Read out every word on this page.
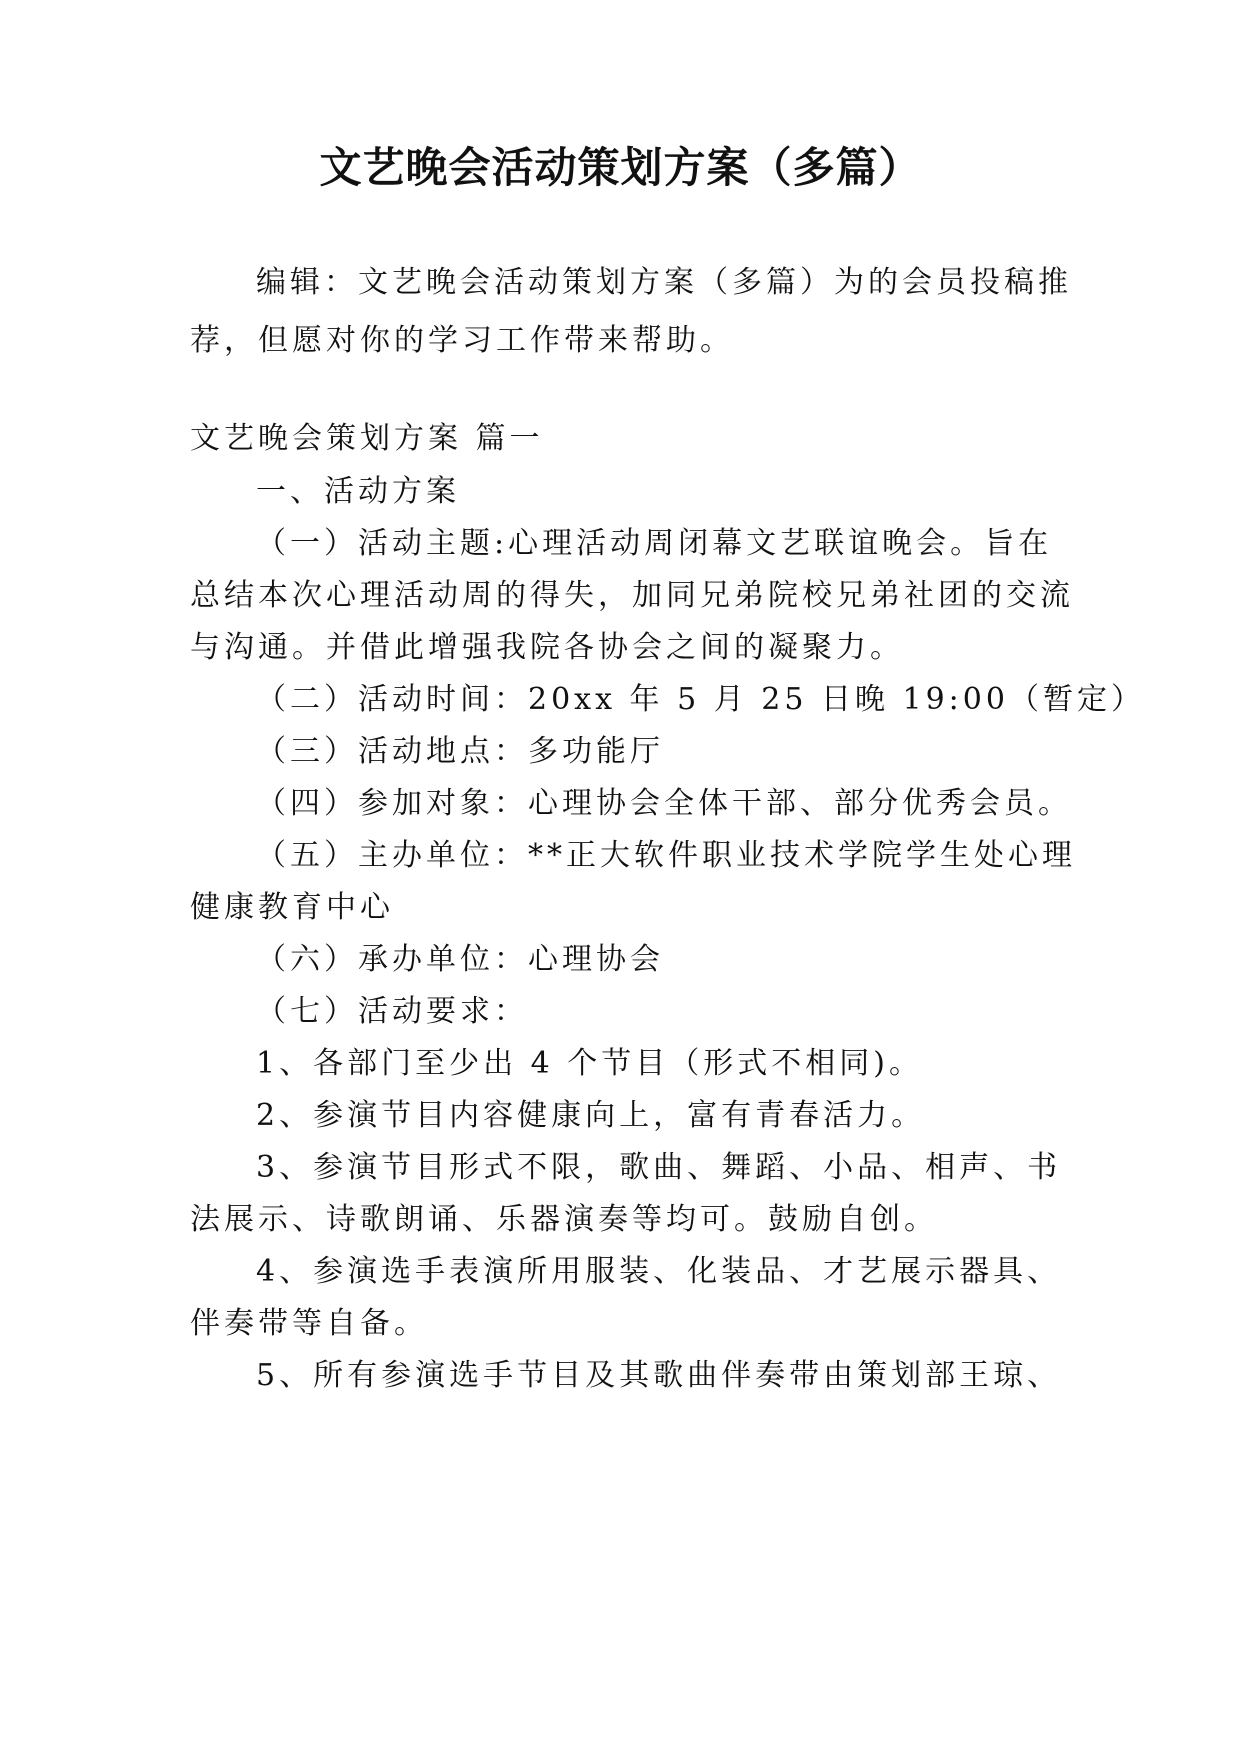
文艺晚会活动策划方案（多篇）
编辑：文艺晚会活动策划方案（多篇）为的会员投稿推
荐，但愿对你的学习工作带来帮助。
文艺晚会策划方案 篇一
一、活动方案
（一）活动主题:心理活动周闭幕文艺联谊晚会。旨在
总结本次心理活动周的得失，加同兄弟院校兄弟社团的交流
与沟通。并借此增强我院各协会之间的凝聚力。
（二）活动时间：20xx 年 5 月 25 日晚 19:00（暂定）
（三）活动地点：多功能厅
（四）参加对象：心理协会全体干部、部分优秀会员。
（五）主办单位：**正大软件职业技术学院学生处心理
健康教育中心
（六）承办单位：心理协会
（七）活动要求：
1、各部门至少出 4 个节目（形式不相同)。
2、参演节目内容健康向上，富有青春活力。
3、参演节目形式不限，歌曲、舞蹈、小品、相声、书
法展示、诗歌朗诵、乐器演奏等均可。鼓励自创。
4、参演选手表演所用服装、化装品、才艺展示器具、
伴奏带等自备。
5、所有参演选手节目及其歌曲伴奏带由策划部王琼、
